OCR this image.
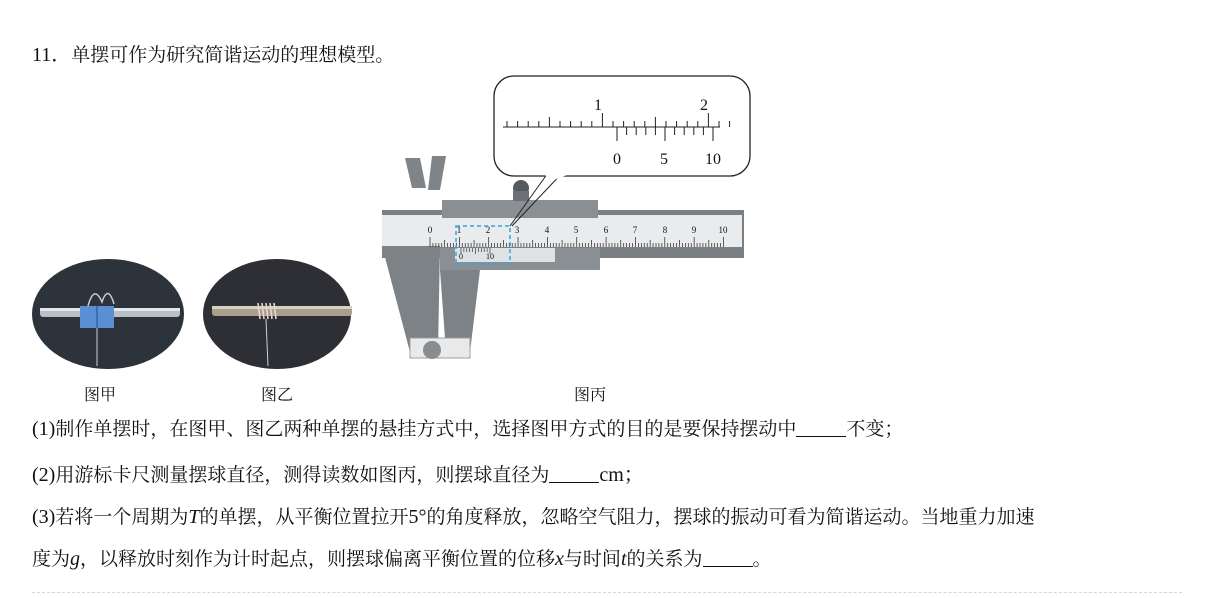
11．单摆可作为研究简谐运动的理想模型。
0	1	2	3	4	5	6	7	8	9 10
0	10
1	2
0 5 10
图甲	图乙	图丙
(1)制作单摆时，在图甲、图乙两种单摆的悬挂方式中，选择图甲方式的目的是要保持摆动中	不变；
(2)用游标卡尺测量摆球直径，测得读数如图丙，则摆球直径为	cm；
(3)若将一个周期为T的单摆，从平衡位置拉开5°的角度释放，忽略空气阻力，摆球的振动可看为简谐运动。当地重力加速
度为g，以释放时刻作为计时起点，则摆球偏离平衡位置的位移x与时间t的关系为	。
